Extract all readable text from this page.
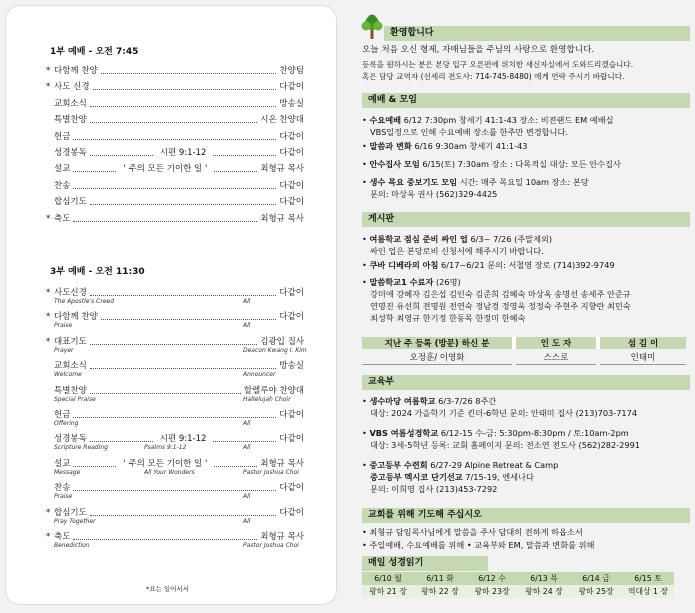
1부 예배 - 오전 7:45
* 다함께 찬양	찬양팀
* 사도 신경	다같이
교회소식	방송실
특별찬양	시온 찬양대
헌금	다같이
성경봉독	시편 9:1-12	다같이
설교	' 주의 모든 기이한 일 '	최형규 목사
찬송	다같이
합심기도	다같이
* 축도	최형규 목사
3부 예배 - 오전 11:30
* 사도신경	다같이
The Apostle's Creed	All
* 다함께 찬양	다같이
Praise	All
* 대표기도	김광입 집사
Prayer	Deacon Kwang I. Kim
교회소식	방송실
Welcome	Announcer
특별찬양	할렐루야 찬양대
Special Praise	Hallelujah Choir
헌금	다같이
Offering	All
성경봉독	시편 9:1-12	다같이
Scripture Reading	Psalms 9:1-12	All
설교	' 주의 모든 기이한 일 '	최형규 목사
Message	All Your Wonders	Pastor Joshua Choi
찬송	다같이
Praise	All
* 합심기도	다같이
Pray Together	All
* 축도	최형규 목사
Benediction	Pastor Joshua Choi
*표는 일어서서
환영합니다
오늘 처음 오신 형제, 자매님들을 주님의 사랑으로 환영합니다.
등록을 원하시는 분은 본당 입구 오른편에 위치한 새신자실에서 도와드리겠습니다.
혹은 담당 교역자 (선세리 전도사: 714-745-8480) 에게 연락 주시기 바랍니다.
예배 & 모임
• 수요예배 6/12 7:30pm 창세기 41:1-43 장소: 비전랜드 EM 예배실
VBS일정으로 인해 수요예배 장소를 한주만 변경합니다.
• 말씀과 변화 6/16 9:30am 창세기 41:1-43
• 안수집사 모임 6/15(토) 7:30am 장소 : 다목적실 대상: 모든 안수집사
• 생수 목요 중보기도 모임 시간: 매주 목요일 10am 장소: 본당
문의: 마상옥 권사 (562)329-4425
게시판
• 여름학교 점심 준비 싸인 업 6/3~ 7/26 (주말제외)
싸인 업은 본당로비 신청서에 해주시기 바랍니다.
• 쿠바 디베라의 아침 6/17~6/21 문의: 서철영 장로 (714)392-9749
• 말씀학교1 수료자 (26명)
강미애 강혜자 김은섭 김인숙 김준희 김혜숙 마상옥 송명선 송세주 안준규
연명진 유선희 전명원 전연숙 정남경 정영욱 정정숙 주현주 지향란 최민숙
최성학 최영규 한기정 한동목 한정미 한혜숙
지난 주 등록 (방문) 하신 분		인 도 자		섬 김 이
오정훈/ 이영화		스스로		인태미
교육부
• 생수마당 여름학교 6/3-7/26 8주간
대상: 2024 가을학기 기준 킨더-6학년 문의: 안태미 집사 (213)703-7174
• VBS 여름성경학교 6/12-15 수-금: 5:30pm-8:30pm / 토:10am-2pm
대상: 3세-5학년 등록: 교회 홈페이지 문의: 전소연 전도사 (562)282-2991
• 중고등부 수련회 6/27-29 Alpine Retreat & Camp
중고등부 멕시코 단기선교 7/15-19, 엔세나다
문의: 이희영 집사 (213)453-7292
교회를 위해 기도해 주십시오
• 최형규 담임목사님에게 말씀을 주사 담대히 전하게 하옵소서
• 주일예배, 수요예배를 위해 • 교육부와 EM, 말씀과 변화를 위해
매일 성경읽기
6/10 월	6/11 화	6/12 수	6/13 목	6/14 금	6/15 토
왕하 21 장	왕하 22 장	왕하 23장	왕하 24 장	왕하 25장	역대상 1 장
